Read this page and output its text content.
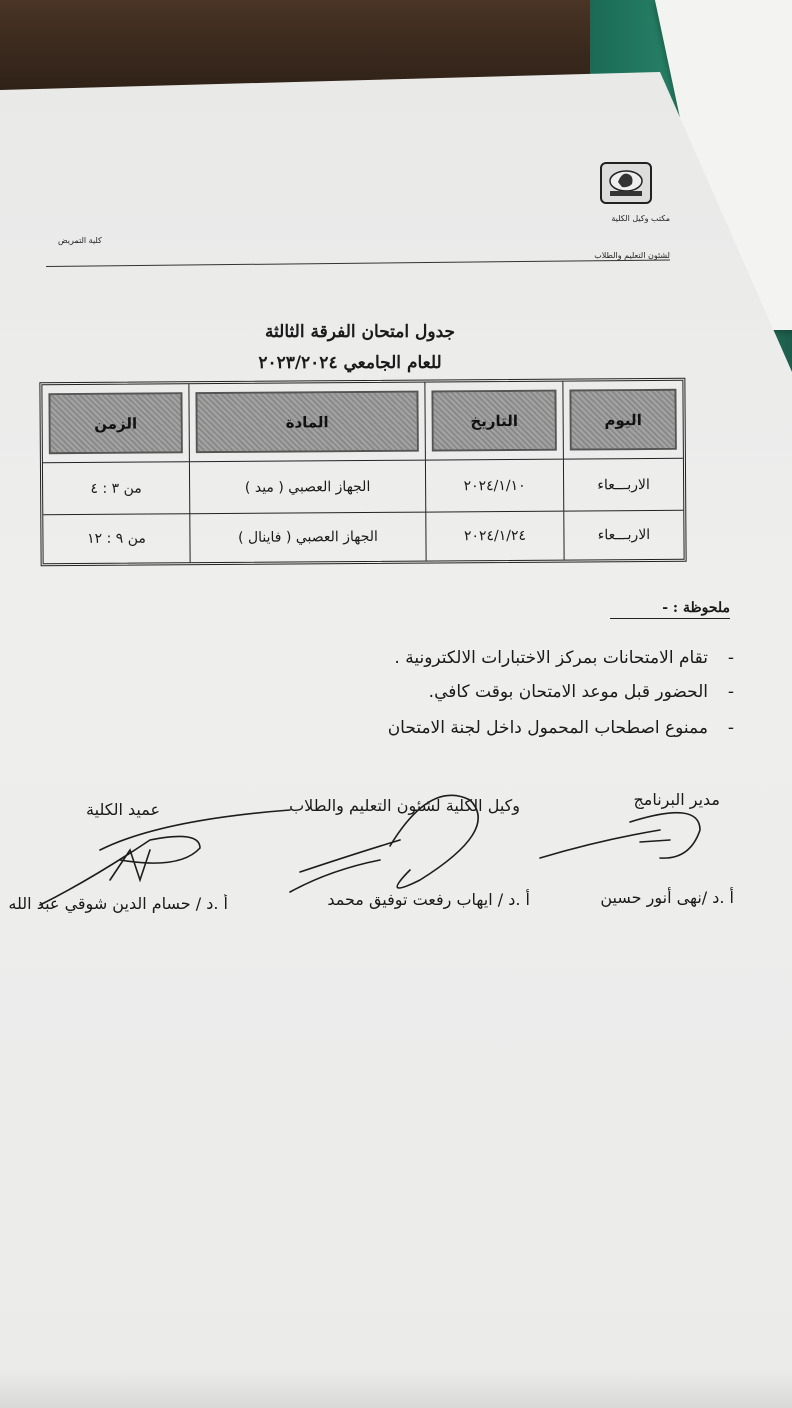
كلية التمريض
مكتب وكيل الكلية
لشئون التعليم والطلاب
جدول امتحان الفرقة الثالثة
للعام الجامعي ٢٠٢٣/٢٠٢٤
اليوم
التاريخ
المادة
الزمن
الاربـــعاء
٢٠٢٤/١/١٠
الجهاز العصبي ( ميد )
من ٣ : ٤
الاربـــعاء
٢٠٢٤/١/٢٤
الجهاز العصبي ( فاينال )
من ٩ : ١٢
ملحوظة : -
-
تقام الامتحانات بمركز الاختبارات الالكترونية .
-
الحضور قبل موعد الامتحان بوقت كافي.
-
ممنوع اصطحاب المحمول داخل لجنة الامتحان
مدير البرنامج
وكيل الكلية لشئون التعليم والطلاب
عميد الكلية
أ .د /نهى أنور حسين
أ .د / ايهاب رفعت توفيق محمد
أ .د / حسام الدين شوقي عبد الله
